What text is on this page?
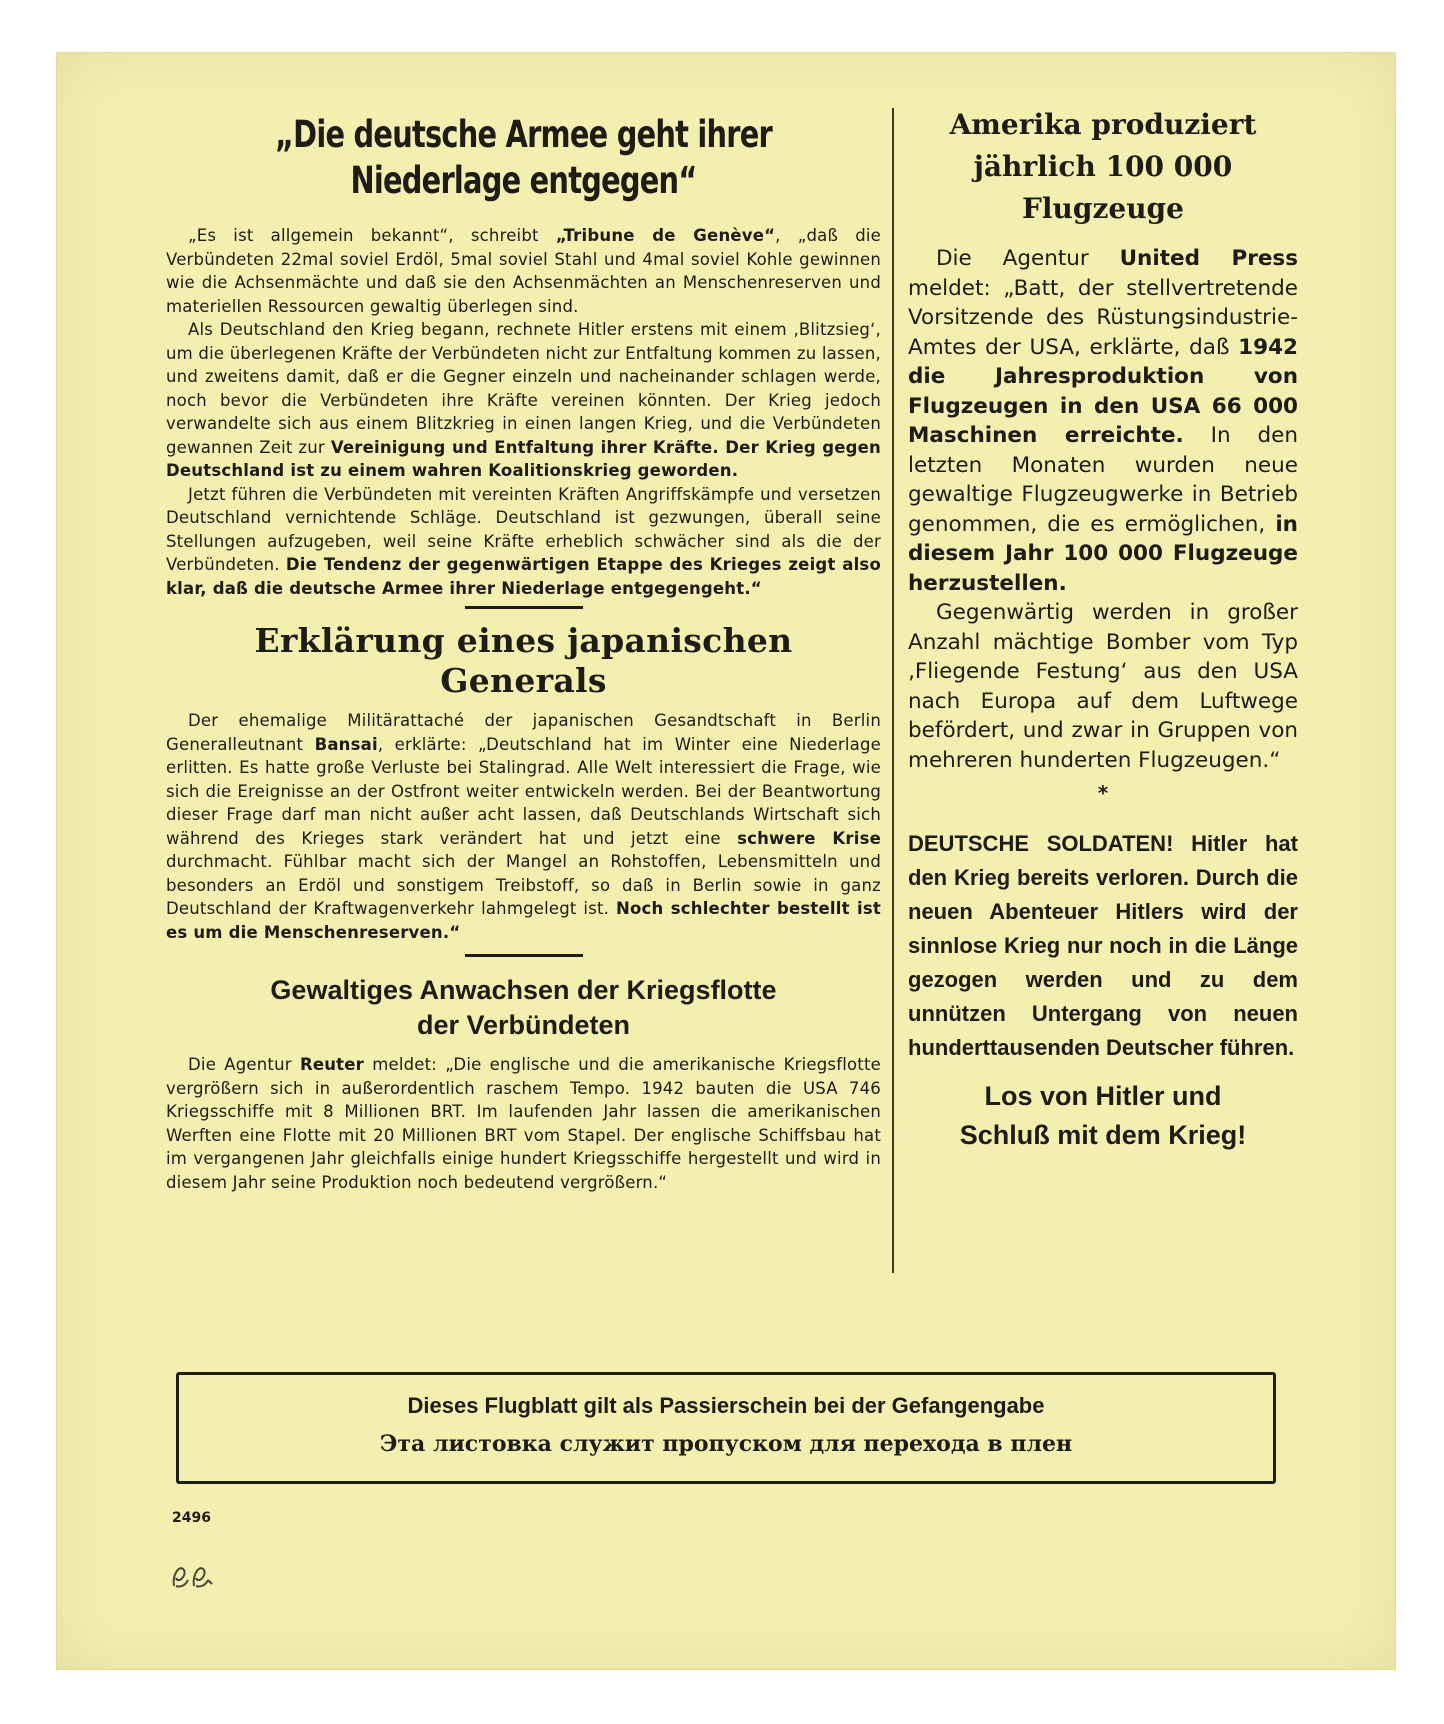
„Die deutsche Armee geht ihrer Niederlage entgegen“

„Es ist allgemein bekannt“, schreibt „Tribune de Genève“, „daß die Verbündeten 22mal soviel Erdöl, 5mal soviel Stahl und 4mal soviel Kohle gewinnen wie die Achsenmächte und daß sie den Achsenmächten an Menschenreserven und materiellen Ressourcen gewaltig überlegen sind.

Als Deutschland den Krieg begann, rechnete Hitler erstens mit einem ‚Blitzsieg‘, um die überlegenen Kräfte der Verbündeten nicht zur Entfaltung kommen zu lassen, und zweitens damit, daß er die Gegner einzeln und nacheinander schlagen werde, noch bevor die Verbündeten ihre Kräfte vereinen könnten. Der Krieg jedoch verwandelte sich aus einem Blitzkrieg in einen langen Krieg, und die Verbündeten gewannen Zeit zur Vereinigung und Entfaltung ihrer Kräfte. Der Krieg gegen Deutschland ist zu einem wahren Koalitionskrieg geworden.

Jetzt führen die Verbündeten mit vereinten Kräften Angriffskämpfe und versetzen Deutschland vernichtende Schläge. Deutschland ist gezwungen, überall seine Stellungen aufzugeben, weil seine Kräfte erheblich schwächer sind als die der Verbündeten. Die Tendenz der gegenwärtigen Etappe des Krieges zeigt also klar, daß die deutsche Armee ihrer Niederlage entgegengeht.“

Erklärung eines japanischen Generals

Der ehemalige Militärattaché der japanischen Gesandtschaft in Berlin Generalleutnant Bansai, erklärte: „Deutschland hat im Winter eine Niederlage erlitten. Es hatte große Verluste bei Stalingrad. Alle Welt interessiert die Frage, wie sich die Ereignisse an der Ostfront weiter entwickeln werden. Bei der Beantwortung dieser Frage darf man nicht außer acht lassen, daß Deutschlands Wirtschaft sich während des Krieges stark verändert hat und jetzt eine schwere Krise durchmacht. Fühlbar macht sich der Mangel an Rohstoffen, Lebensmitteln und besonders an Erdöl und sonstigem Treibstoff, so daß in Berlin sowie in ganz Deutschland der Kraftwagenverkehr lahmgelegt ist. Noch schlechter bestellt ist es um die Menschenreserven.“

Gewaltiges Anwachsen der Kriegsflotte
der Verbündeten

Die Agentur Reuter meldet: „Die englische und die amerikanische Kriegsflotte vergrößern sich in außerordentlich raschem Tempo. 1942 bauten die USA 746 Kriegsschiffe mit 8 Millionen BRT. Im laufenden Jahr lassen die amerikanischen Werften eine Flotte mit 20 Millionen BRT vom Stapel. Der englische Schiffsbau hat im vergangenen Jahr gleichfalls einige hundert Kriegsschiffe hergestellt und wird in diesem Jahr seine Produktion noch bedeutend vergrößern.“

Amerika produziert
jährlich 100 000
Flugzeuge

Die Agentur United Press meldet: „Batt, der stellvertretende Vorsitzende des Rüstungsindustrie-Amtes der USA, erklärte, daß 1942 die Jahresproduktion von Flugzeugen in den USA 66 000 Maschinen erreichte. In den letzten Monaten wurden neue gewaltige Flugzeugwerke in Betrieb genommen, die es ermöglichen, in diesem Jahr 100 000 Flugzeuge herzustellen.

Gegenwärtig werden in großer Anzahl mächtige Bomber vom Typ ‚Fliegende Festung‘ aus den USA nach Europa auf dem Luftwege befördert, und zwar in Gruppen von mehreren hunderten Flugzeugen.“

*

DEUTSCHE SOLDATEN! Hitler hat den Krieg bereits verloren. Durch die neuen Abenteuer Hitlers wird der sinnlose Krieg nur noch in die Länge gezogen werden und zu dem unnützen Untergang von neuen hunderttausenden Deutscher führen.

Los von Hitler und
Schluß mit dem Krieg!
Dieses Flugblatt gilt als Passierschein bei der Gefangengabe
Эта листовка служит пропуском для перехода в плен
2496
